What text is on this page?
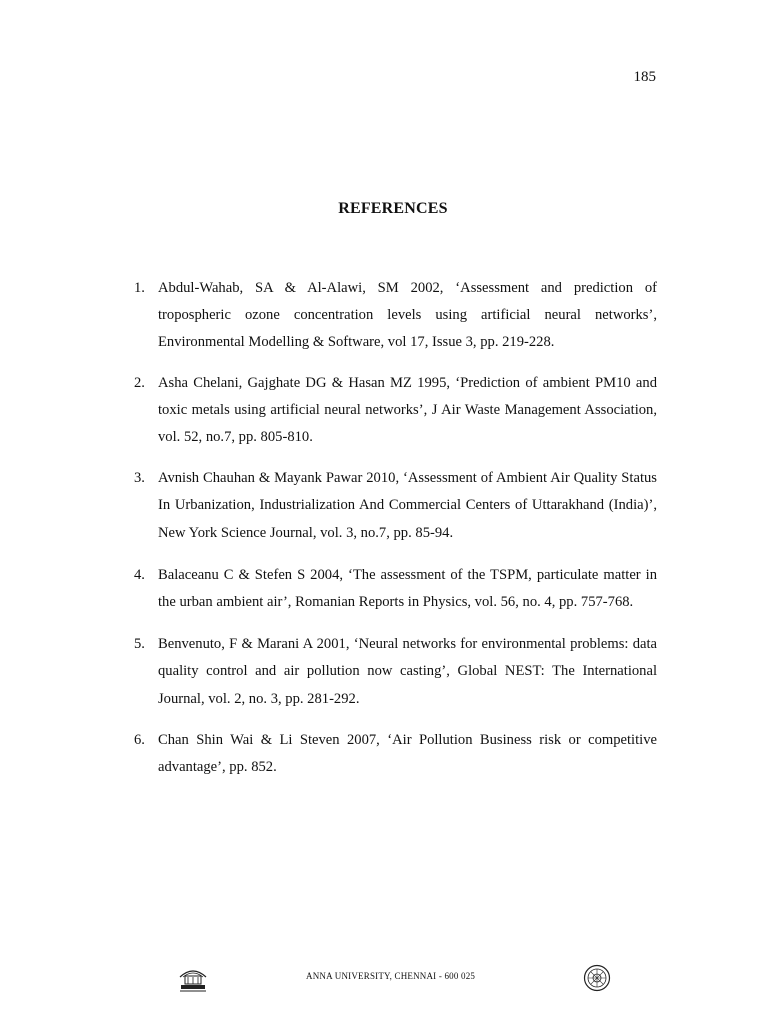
185
REFERENCES
1. Abdul-Wahab, SA & Al-Alawi, SM 2002, ‘Assessment and prediction of tropospheric ozone concentration levels using artificial neural networks’, Environmental Modelling & Software, vol 17, Issue 3, pp. 219-228.
2. Asha Chelani, Gajghate DG & Hasan MZ 1995, ‘Prediction of ambient PM10 and toxic metals using artificial neural networks’, J Air Waste Management Association, vol. 52, no.7, pp. 805-810.
3. Avnish Chauhan & Mayank Pawar 2010, ‘Assessment of Ambient Air Quality Status In Urbanization, Industrialization And Commercial Centers of Uttarakhand (India)’, New York Science Journal, vol. 3, no.7, pp. 85-94.
4. Balaceanu C & Stefen S 2004, ‘The assessment of the TSPM, particulate matter in the urban ambient air’, Romanian Reports in Physics, vol. 56, no. 4, pp. 757-768.
5. Benvenuto, F & Marani A 2001, ‘Neural networks for environmental problems: data quality control and air pollution now casting’, Global NEST: The International Journal, vol. 2, no. 3, pp. 281-292.
6. Chan Shin Wai & Li Steven 2007, ‘Air Pollution Business risk or competitive advantage’, pp. 852.
ANNA UNIVERSITY, CHENNAI - 600 025
